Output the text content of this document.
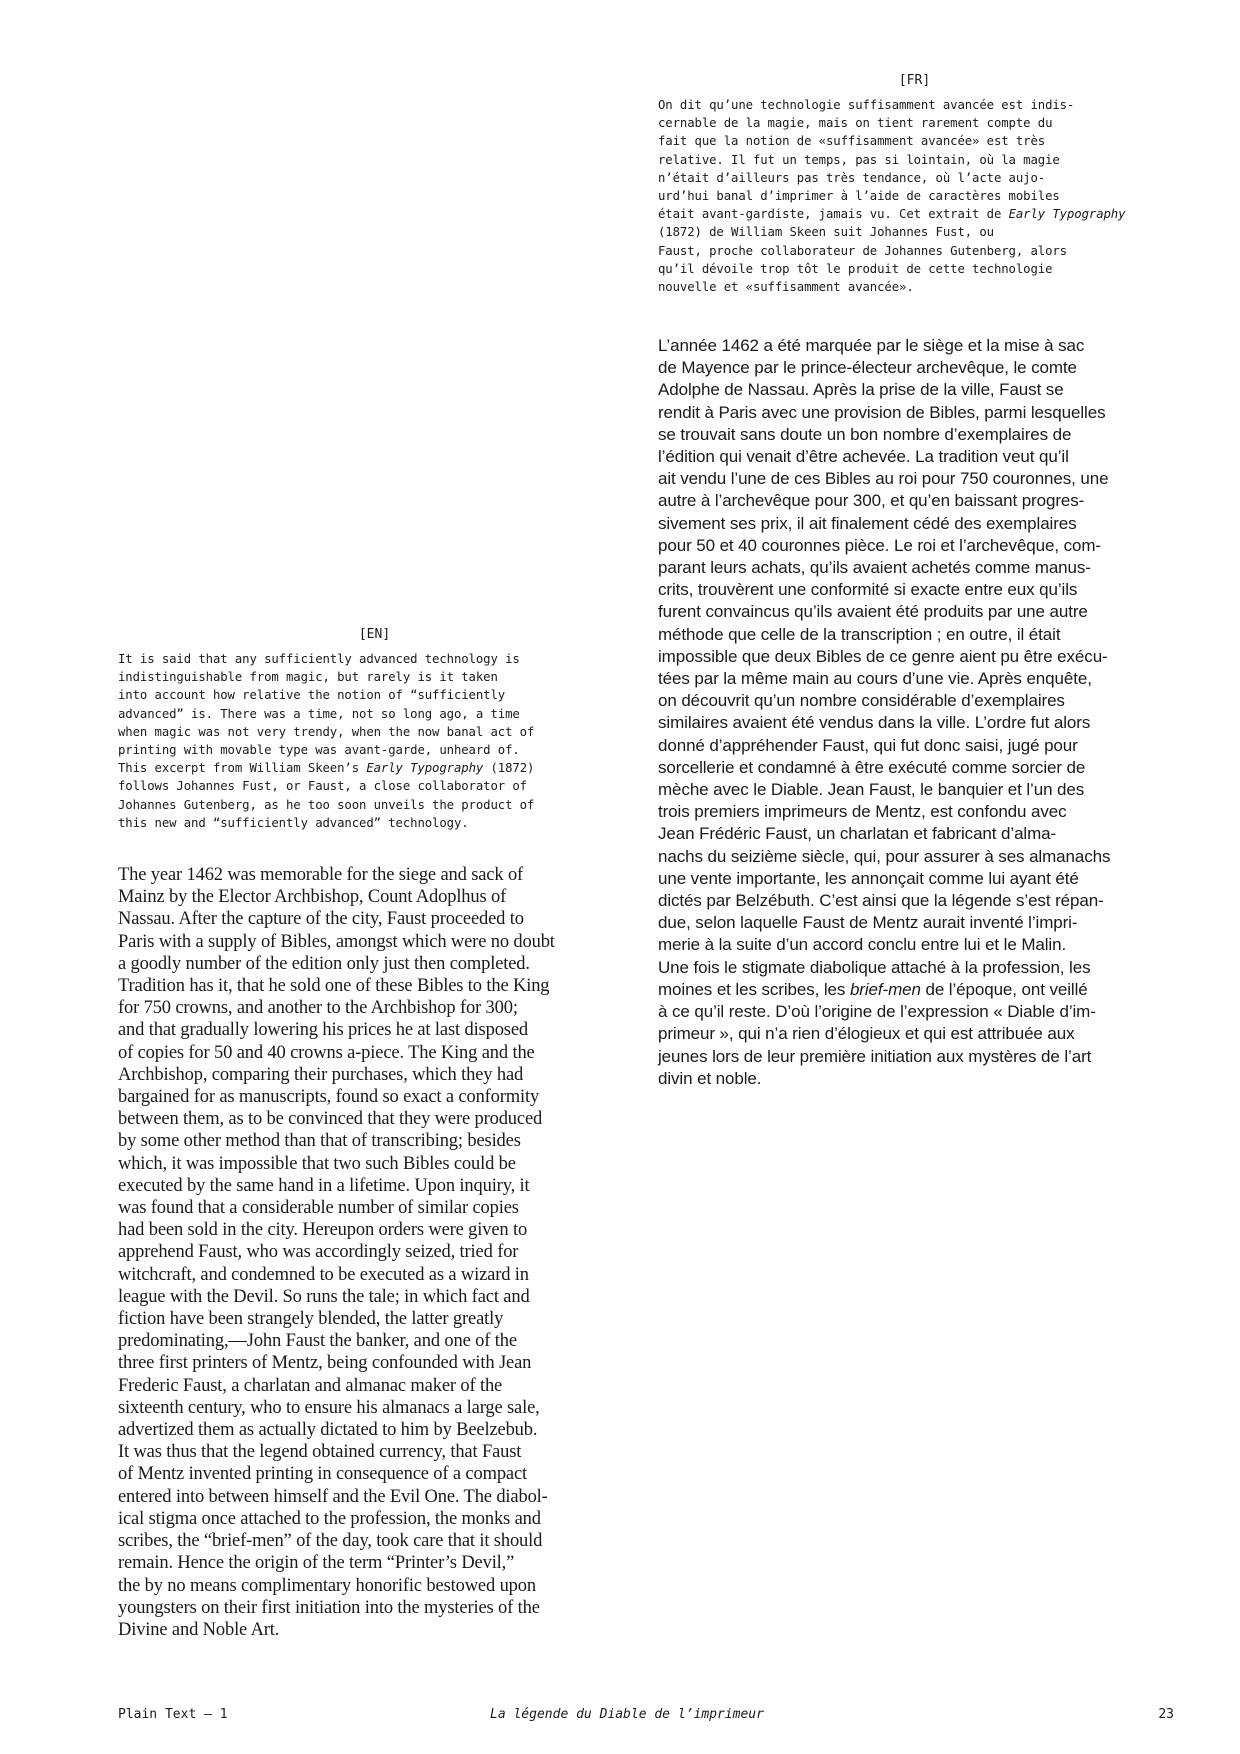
[FR]

On dit qu’une technologie suffisamment avancée est indis-
cernable de la magie, mais on tient rarement compte du
fait que la notion de «suffisamment avancée» est très
relative. Il fut un temps, pas si lointain, où la magie
n’était d’ailleurs pas très tendance, où l’acte aujo-
urd’hui banal d’imprimer à l’aide de caractères mobiles
était avant-gardiste, jamais vu. Cet extrait de Early Typography (1872) de William Skeen suit Johannes Fust, ou
Faust, proche collaborateur de Johannes Gutenberg, alors
qu’il dévoile trop tôt le produit de cette technologie
nouvelle et «suffisamment avancée».

L’année 1462 a été marquée par le siège et la mise à sac
de Mayence par le prince-électeur archevêque, le comte
Adolphe de Nassau. Après la prise de la ville, Faust se
rendit à Paris avec une provision de Bibles, parmi lesquelles
se trouvait sans doute un bon nombre d’exemplaires de
l’édition qui venait d’être achevée. La tradition veut qu’il
ait vendu l’une de ces Bibles au roi pour 750 couronnes, une
autre à l’archevêque pour 300, et qu’en baissant progres-
sivement ses prix, il ait finalement cédé des exemplaires
pour 50 et 40 couronnes pièce. Le roi et l’archevêque, com-
parant leurs achats, qu’ils avaient achetés comme manus-
crits, trouvèrent une conformité si exacte entre eux qu’ils
furent convaincus qu’ils avaient été produits par une autre
méthode que celle de la transcription ; en outre, il était
impossible que deux Bibles de ce genre aient pu être exécu-
tées par la même main au cours d’une vie. Après enquête,
on découvrit qu’un nombre considérable d’exemplaires
similaires avaient été vendus dans la ville. L’ordre fut alors
donné d’appréhender Faust, qui fut donc saisi, jugé pour
sorcellerie et condamné à être exécuté comme sorcier de
mèche avec le Diable. Jean Faust, le banquier et l’un des
trois premiers imprimeurs de Mentz, est confondu avec
Jean Frédéric Faust, un charlatan et fabricant d’alma-
nachs du seizième siècle, qui, pour assurer à ses almanachs
une vente importante, les annonçait comme lui ayant été
dictés par Belzébuth. C’est ainsi que la légende s’est répan-
due, selon laquelle Faust de Mentz aurait inventé l’impri-
merie à la suite d’un accord conclu entre lui et le Malin.
Une fois le stigmate diabolique attaché à la profession, les
moines et les scribes, les brief-men de l’époque, ont veillé
à ce qu’il reste. D’où l’origine de l’expression « Diable d’im-
primeur », qui n’a rien d’élogieux et qui est attribuée aux
jeunes lors de leur première initiation aux mystères de l’art
divin et noble.

[EN]

It is said that any sufficiently advanced technology is
indistinguishable from magic, but rarely is it taken
into account how relative the notion of “sufficiently
advanced” is. There was a time, not so long ago, a time
when magic was not very trendy, when the now banal act of
printing with movable type was avant-garde, unheard of.
This excerpt from William Skeen’s Early Typography (1872)
follows Johannes Fust, or Faust, a close collaborator of
Johannes Gutenberg, as he too soon unveils the product of
this new and “sufficiently advanced” technology.

The year 1462 was memorable for the siege and sack of
Mainz by the Elector Archbishop, Count Adoplhus of
Nassau. After the capture of the city, Faust proceeded to
Paris with a supply of Bibles, amongst which were no doubt
a goodly number of the edition only just then completed.
Tradition has it, that he sold one of these Bibles to the King
for 750 crowns, and another to the Archbishop for 300;
and that gradually lowering his prices he at last disposed
of copies for 50 and 40 crowns a-piece. The King and the
Archbishop, comparing their purchases, which they had
bargained for as manuscripts, found so exact a conformity
between them, as to be convinced that they were produced
by some other method than that of transcribing; besides
which, it was impossible that two such Bibles could be
executed by the same hand in a lifetime. Upon inquiry, it
was found that a considerable number of similar copies
had been sold in the city. Hereupon orders were given to
apprehend Faust, who was accordingly seized, tried for
witchcraft, and condemned to be executed as a wizard in
league with the Devil. So runs the tale; in which fact and
fiction have been strangely blended, the latter greatly
predominating,—John Faust the banker, and one of the
three first printers of Mentz, being confounded with Jean
Frederic Faust, a charlatan and almanac maker of the
sixteenth century, who to ensure his almanacs a large sale,
advertized them as actually dictated to him by Beelzebub.
It was thus that the legend obtained currency, that Faust
of Mentz invented printing in consequence of a compact
entered into between himself and the Evil One. The diabol-
ical stigma once attached to the profession, the monks and
scribes, the “brief-men” of the day, took care that it should
remain. Hence the origin of the term “Printer’s Devil,”
the by no means complimentary honorific bestowed upon
youngsters on their first initiation into the mysteries of the
Divine and Noble Art.

Plain Text – 1	La légende du Diable de l’imprimeur	23
